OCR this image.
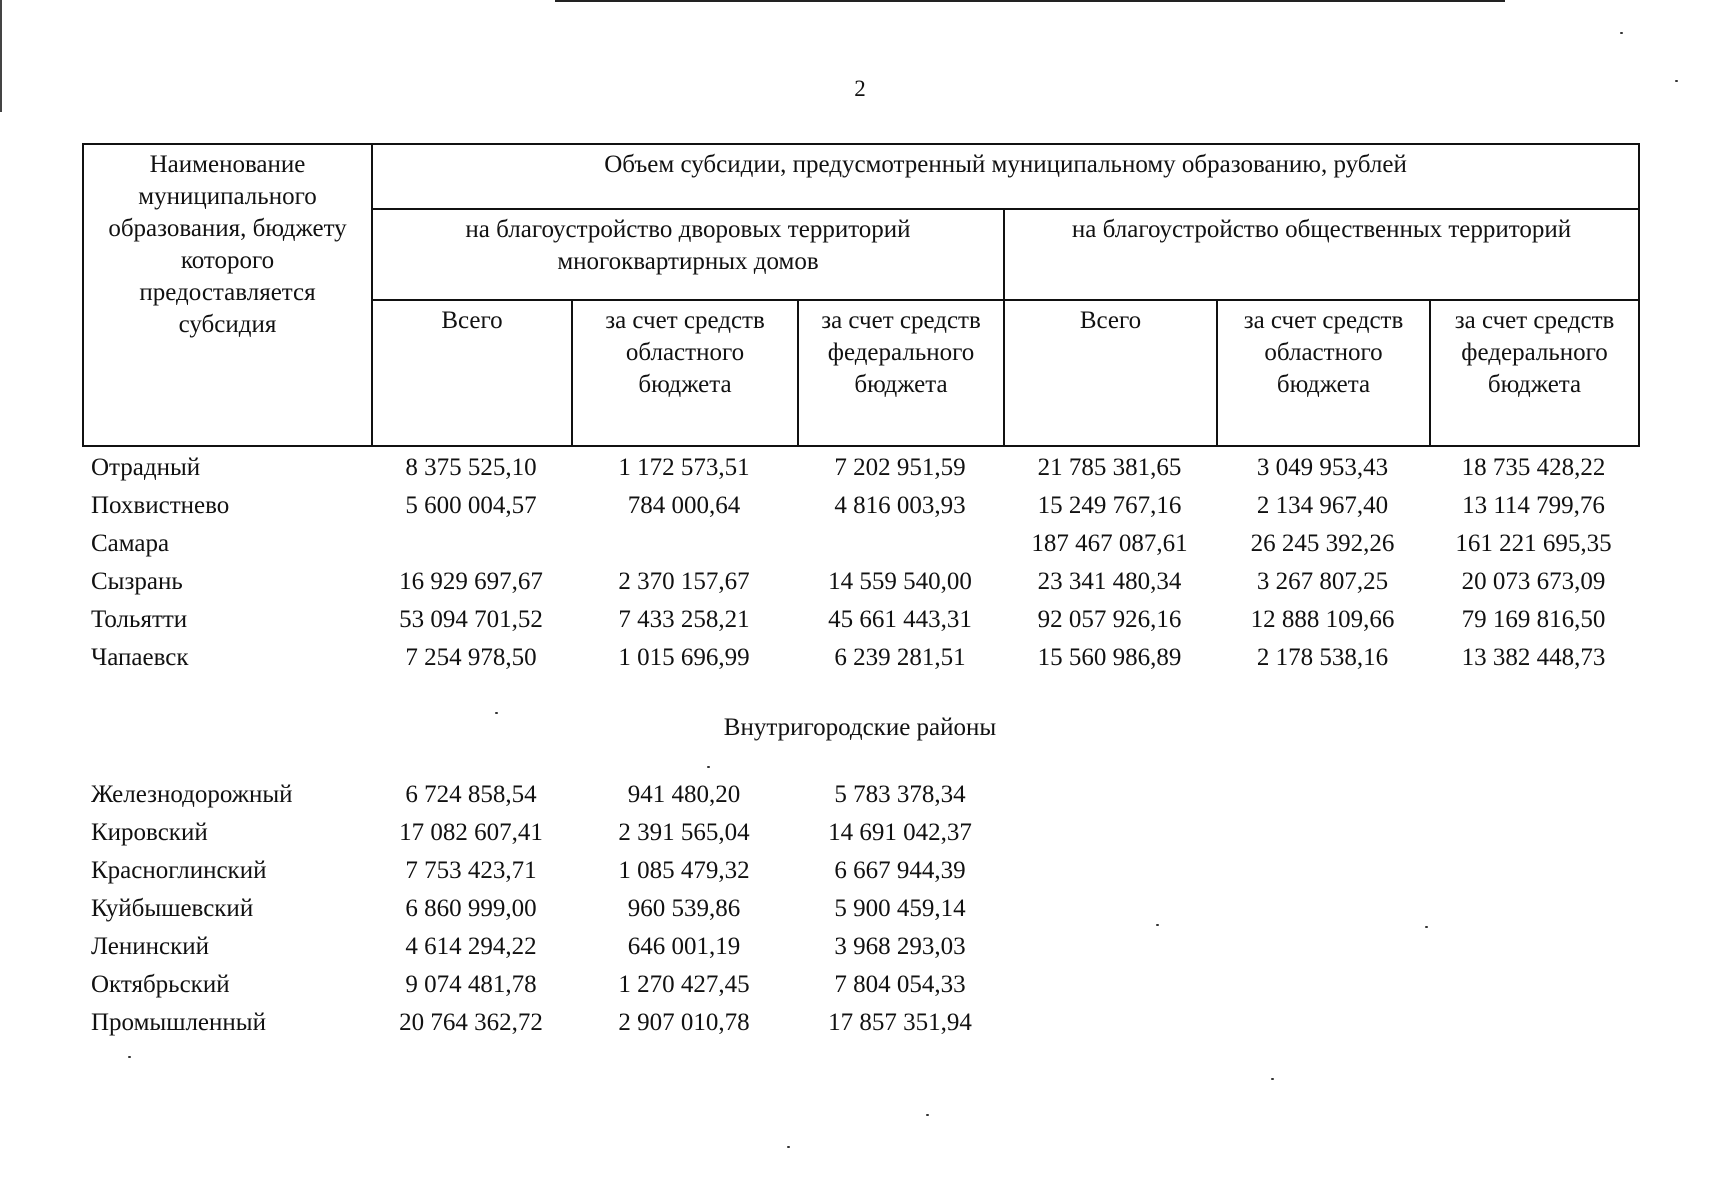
2
Наименование муниципального образования, бюджету которого предоставляется субсидия	Объем субсидии, предусмотренный муниципальному образованию, рублей					
	на благоустройство дворовых территорий многоквартирных домов			на благоустройство общественных территорий		
	Всего	за счет средств областного бюджета	за счет средств федерального бюджета	Всего	за счет средств областного бюджета	за счет средств федерального бюджета
Отрадный	8 375 525,10	1 172 573,51	7 202 951,59	21 785 381,65	3 049 953,43	18 735 428,22
Похвистнево	5 600 004,57	784 000,64	4 816 003,93	15 249 767,16	2 134 967,40	13 114 799,76
Самара				187 467 087,61	26 245 392,26	161 221 695,35
Сызрань	16 929 697,67	2 370 157,67	14 559 540,00	23 341 480,34	3 267 807,25	20 073 673,09
Тольятти	53 094 701,52	7 433 258,21	45 661 443,31	92 057 926,16	12 888 109,66	79 169 816,50
Чапаевск	7 254 978,50	1 015 696,99	6 239 281,51	15 560 986,89	2 178 538,16	13 382 448,73
Внутригородские районы
Железнодорожный	6 724 858,54	941 480,20	5 783 378,34			
Кировский	17 082 607,41	2 391 565,04	14 691 042,37			
Красноглинский	7 753 423,71	1 085 479,32	6 667 944,39			
Куйбышевский	6 860 999,00	960 539,86	5 900 459,14			
Ленинский	4 614 294,22	646 001,19	3 968 293,03			
Октябрьский	9 074 481,78	1 270 427,45	7 804 054,33			
Промышленный	20 764 362,72	2 907 010,78	17 857 351,94			
